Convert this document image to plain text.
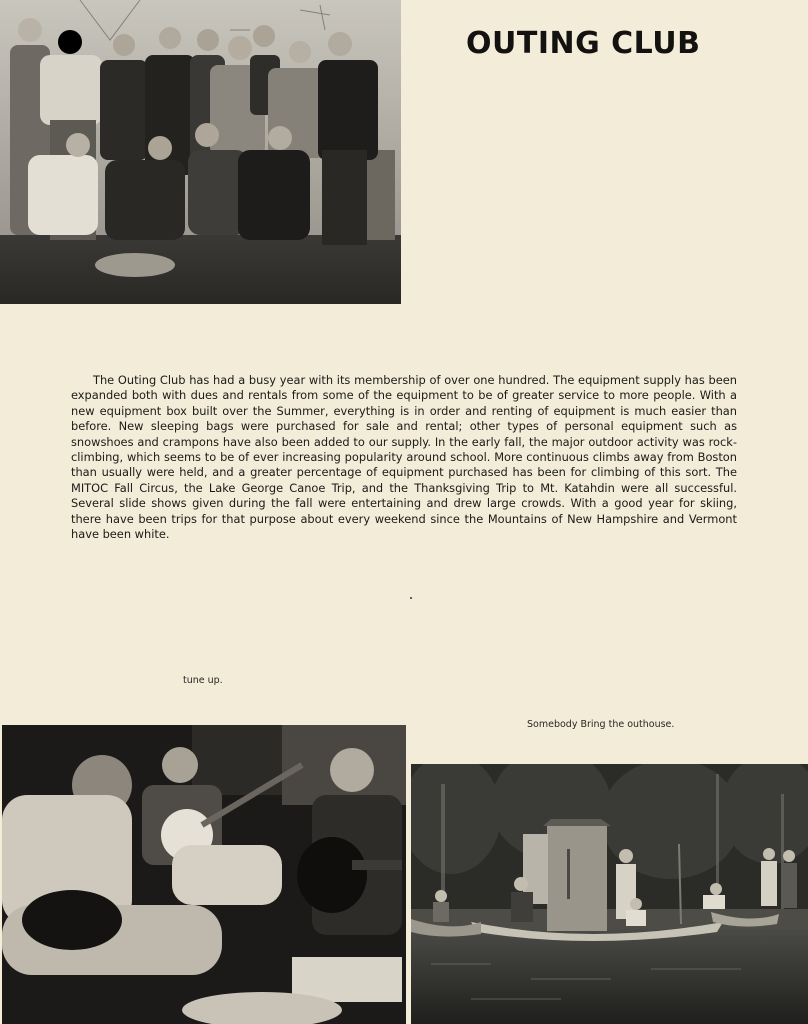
OUTING CLUB

The Outing Club has had a busy year with its membership of over one hundred. The equipment supply has been expanded both with dues and rentals from some of the equipment to be of greater service to more people. With a new equipment box built over the Summer, everything is in order and renting of equipment is much easier than before. New sleeping bags were purchased for sale and rental; other types of personal equipment such as snowshoes and crampons have also been added to our supply. In the early fall, the major outdoor activity was rock-climbing, which seems to be of ever increasing popularity around school. More continuous climbs away from Boston than usually were held, and a greater percentage of equipment purchased has been for climbing of this sort. The MITOC Fall Circus, the Lake George Canoe Trip, and the Thanksgiving Trip to Mt. Katahdin were all successful. Several slide shows given during the fall were entertaining and drew large crowds. With a good year for skiing, there have been trips for that purpose about every weekend since the Mountains of New Hampshire and Vermont have been white.

tune up.

Somebody Bring the outhouse.
